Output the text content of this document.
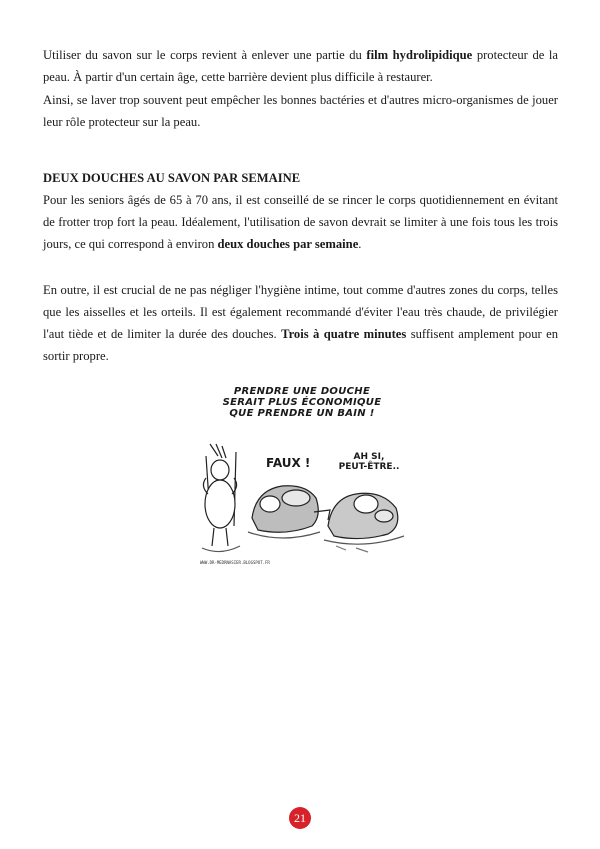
Utiliser du savon sur le corps revient à enlever une partie du film hydrolipidique protecteur de la peau. À partir d'un certain âge, cette barrière devient plus difficile à restaurer.

Ainsi, se laver trop souvent peut empêcher les bonnes bactéries et d'autres micro-organismes de jouer leur rôle protecteur sur la peau.

DEUX DOUCHES AU SAVON PAR SEMAINE

Pour les seniors âgés de 65 à 70 ans, il est conseillé de se rincer le corps quotidiennement en évitant de frotter trop fort la peau. Idéalement, l'utilisation de savon devrait se limiter à une fois tous les trois jours, ce qui correspond à environ deux douches par semaine.

En outre, il est crucial de ne pas négliger l'hygiène intime, tout comme d'autres zones du corps, telles que les aisselles et les orteils. Il est également recommandé d'éviter l'eau très chaude, de privilégier l'aut tiède et de limiter la durée des douches. Trois à quatre minutes suffisent amplement pour en sortir propre.

PRENDRE UNE DOUCHE
SERAIT PLUS ÉCONOMIQUE
QUE PRENDRE UN BAIN !
FAUX !	AH SI,
PEUT-ÊTRE..
WWW.DR-MEDRNASIER.BLOGSPOT.FR
21
